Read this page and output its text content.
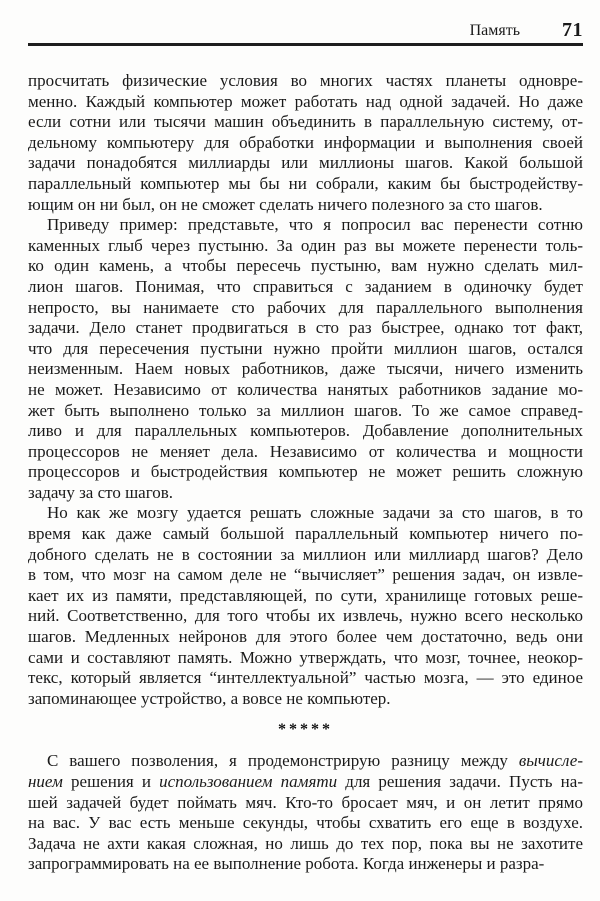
Память 71
просчитать физические условия во многих частях планеты одновре-
менно. Каждый компьютер может работать над одной задачей. Но даже
если сотни или тысячи машин объединить в параллельную систему, от-
дельному компьютеру для обработки информации и выполнения своей
задачи понадобятся миллиарды или миллионы шагов. Какой большой
параллельный компьютер мы бы ни собрали, каким бы быстродейству-
ющим он ни был, он не сможет сделать ничего полезного за сто шагов.
Приведу пример: представьте, что я попросил вас перенести сотню
каменных глыб через пустыню. За один раз вы можете перенести толь-
ко один камень, а чтобы пересечь пустыню, вам нужно сделать мил-
лион шагов. Понимая, что справиться с заданием в одиночку будет
непросто, вы нанимаете сто рабочих для параллельного выполнения
задачи. Дело станет продвигаться в сто раз быстрее, однако тот факт,
что для пересечения пустыни нужно пройти миллион шагов, остался
неизменным. Наем новых работников, даже тысячи, ничего изменить
не может. Независимо от количества нанятых работников задание мо-
жет быть выполнено только за миллион шагов. То же самое справед-
ливо и для параллельных компьютеров. Добавление дополнительных
процессоров не меняет дела. Независимо от количества и мощности
процессоров и быстродействия компьютер не может решить сложную
задачу за сто шагов.
Но как же мозгу удается решать сложные задачи за сто шагов, в то
время как даже самый большой параллельный компьютер ничего по-
добного сделать не в состоянии за миллион или миллиард шагов? Дело
в том, что мозг на самом деле не “вычисляет” решения задач, он извле-
кает их из памяти, представляющей, по сути, хранилище готовых реше-
ний. Соответственно, для того чтобы их извлечь, нужно всего несколько
шагов. Медленных нейронов для этого более чем достаточно, ведь они
сами и составляют память. Можно утверждать, что мозг, точнее, неокор-
текс, который является “интеллектуальной” частью мозга, — это единое
запоминающее устройство, а вовсе не компьютер.
*****
С вашего позволения, я продемонстрирую разницу между вычисле-
нием решения и использованием памяти для решения задачи. Пусть на-
шей задачей будет поймать мяч. Кто-то бросает мяч, и он летит прямо
на вас. У вас есть меньше секунды, чтобы схватить его еще в воздухе.
Задача не ахти какая сложная, но лишь до тех пор, пока вы не захотите
запрограммировать на ее выполнение робота. Когда инженеры и разра-
